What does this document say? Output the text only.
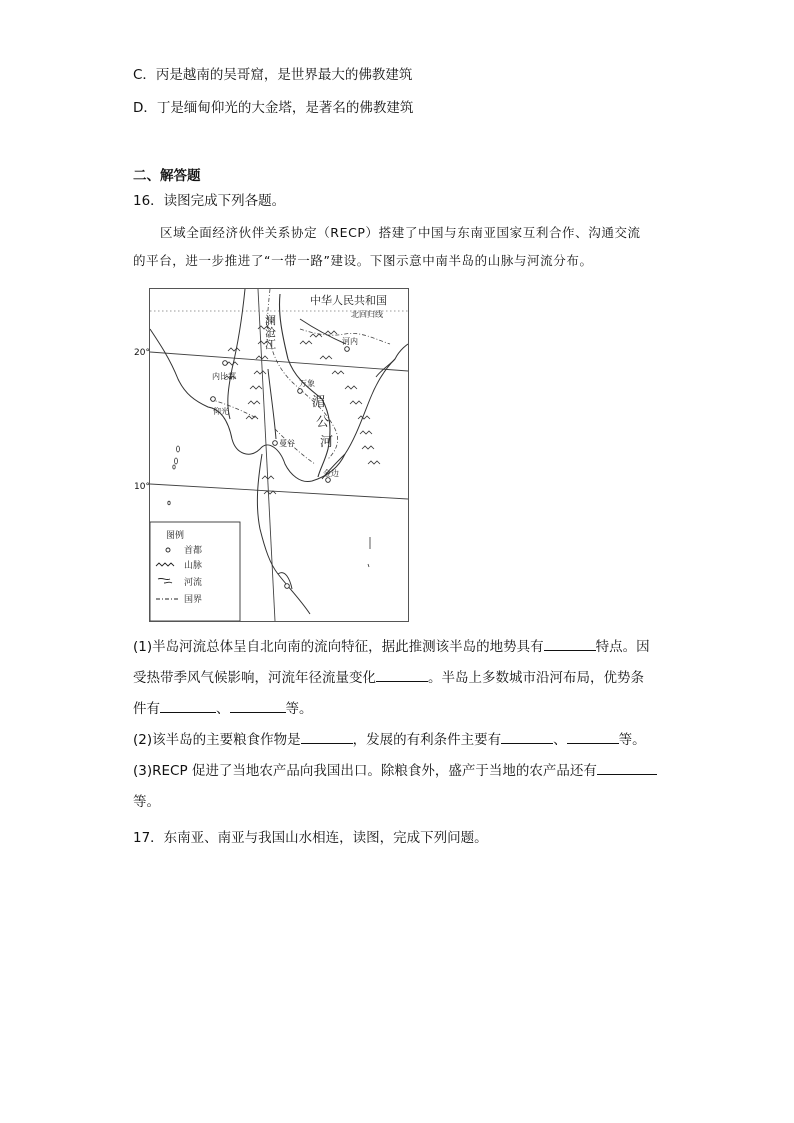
C．丙是越南的吴哥窟，是世界最大的佛教建筑
D．丁是缅甸仰光的大金塔，是著名的佛教建筑
二、解答题
16．读图完成下列各题。
区域全面经济伙伴关系协定（RECP）搭建了中国与东南亚国家互利合作、沟通交流
的平台，进一步推进了“一带一路”建设。下图示意中南半岛的山脉与河流分布。
中华人民共和国
北回归线
河内
内比都
仰光
万象
曼谷
金边
澜
沧
江
湄
公
河
图例
首都
山脉
河流
国界
20°
10°
(1)半岛河流总体呈自北向南的流向特征，据此推测该半岛的地势具有	特点。因
受热带季风气候影响，河流年径流量变化	。半岛上多数城市沿河布局，优势条
件有	、	等。
(2)该半岛的主要粮食作物是	，发展的有利条件主要有	、	等。
(3)RECP 促进了当地农产品向我国出口。除粮食外，盛产于当地的农产品还有
等。
17．东南亚、南亚与我国山水相连，读图，完成下列问题。
